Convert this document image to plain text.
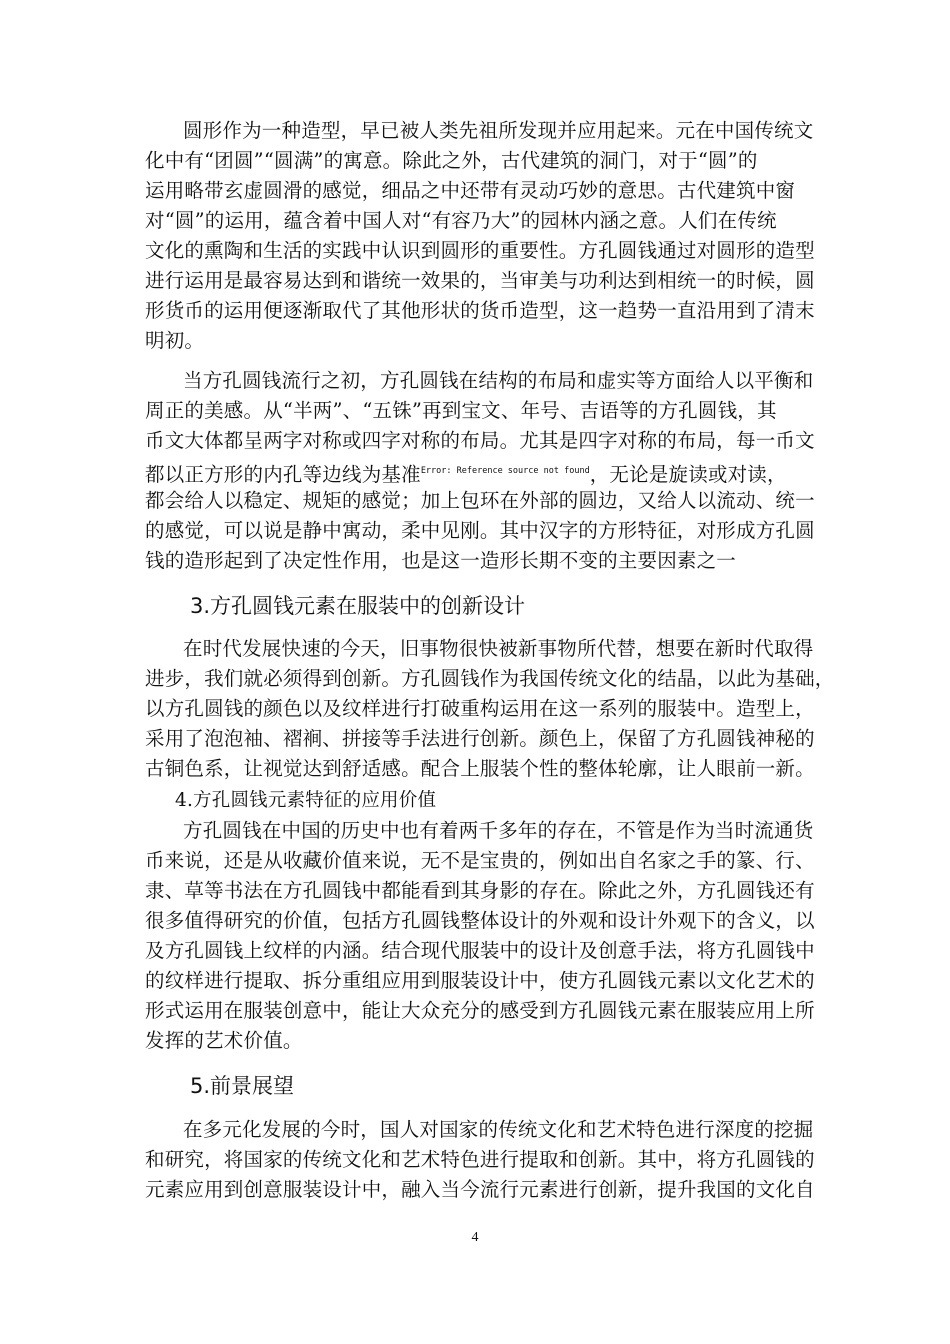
圆形作为一种造型，早已被人类先祖所发现并应用起来。元在中国传统文
化中有“团圆”“圆满”的寓意。除此之外，古代建筑的洞门，对于“圆”的
运用略带玄虚圆滑的感觉，细品之中还带有灵动巧妙的意思。古代建筑中窗
对“圆”的运用，蕴含着中国人对“有容乃大”的园林内涵之意。人们在传统
文化的熏陶和生活的实践中认识到圆形的重要性。方孔圆钱通过对圆形的造型
进行运用是最容易达到和谐统一效果的，当审美与功利达到相统一的时候，圆
形货币的运用便逐渐取代了其他形状的货币造型，这一趋势一直沿用到了清末
明初。
当方孔圆钱流行之初，方孔圆钱在结构的布局和虚实等方面给人以平衡和
周正的美感。从“半两”、“五铢”再到宝文、年号、吉语等的方孔圆钱，其
币文大体都呈两字对称或四字对称的布局。尤其是四字对称的布局，每一币文
都以正方形的内孔等边线为基准$^{Error: Reference source not found}$，无论是旋读或对读，
都会给人以稳定、规矩的感觉；加上包环在外部的圆边，又给人以流动、统一
的感觉，可以说是静中寓动，柔中见刚。其中汉字的方形特征，对形成方孔圆
钱的造形起到了决定性作用，也是这一造形长期不变的主要因素之一
3.方孔圆钱元素在服装中的创新设计
在时代发展快速的今天，旧事物很快被新事物所代替，想要在新时代取得
进步，我们就必须得到创新。方孔圆钱作为我国传统文化的结晶，以此为基础，
以方孔圆钱的颜色以及纹样进行打破重构运用在这一系列的服装中。造型上，
采用了泡泡袖、褶裥、拼接等手法进行创新。颜色上，保留了方孔圆钱神秘的
古铜色系，让视觉达到舒适感。配合上服装个性的整体轮廓，让人眼前一新。
4.方孔圆钱元素特征的应用价值
方孔圆钱在中国的历史中也有着两千多年的存在，不管是作为当时流通货
币来说，还是从收藏价值来说，无不是宝贵的，例如出自名家之手的篆、行、
隶、草等书法在方孔圆钱中都能看到其身影的存在。除此之外，方孔圆钱还有
很多值得研究的价值，包括方孔圆钱整体设计的外观和设计外观下的含义，以
及方孔圆钱上纹样的内涵。结合现代服装中的设计及创意手法，将方孔圆钱中
的纹样进行提取、拆分重组应用到服装设计中，使方孔圆钱元素以文化艺术的
形式运用在服装创意中，能让大众充分的感受到方孔圆钱元素在服装应用上所
发挥的艺术价值。
5.前景展望
在多元化发展的今时，国人对国家的传统文化和艺术特色进行深度的挖掘
和研究，将国家的传统文化和艺术特色进行提取和创新。其中，将方孔圆钱的
元素应用到创意服装设计中，融入当今流行元素进行创新，提升我国的文化自
4
